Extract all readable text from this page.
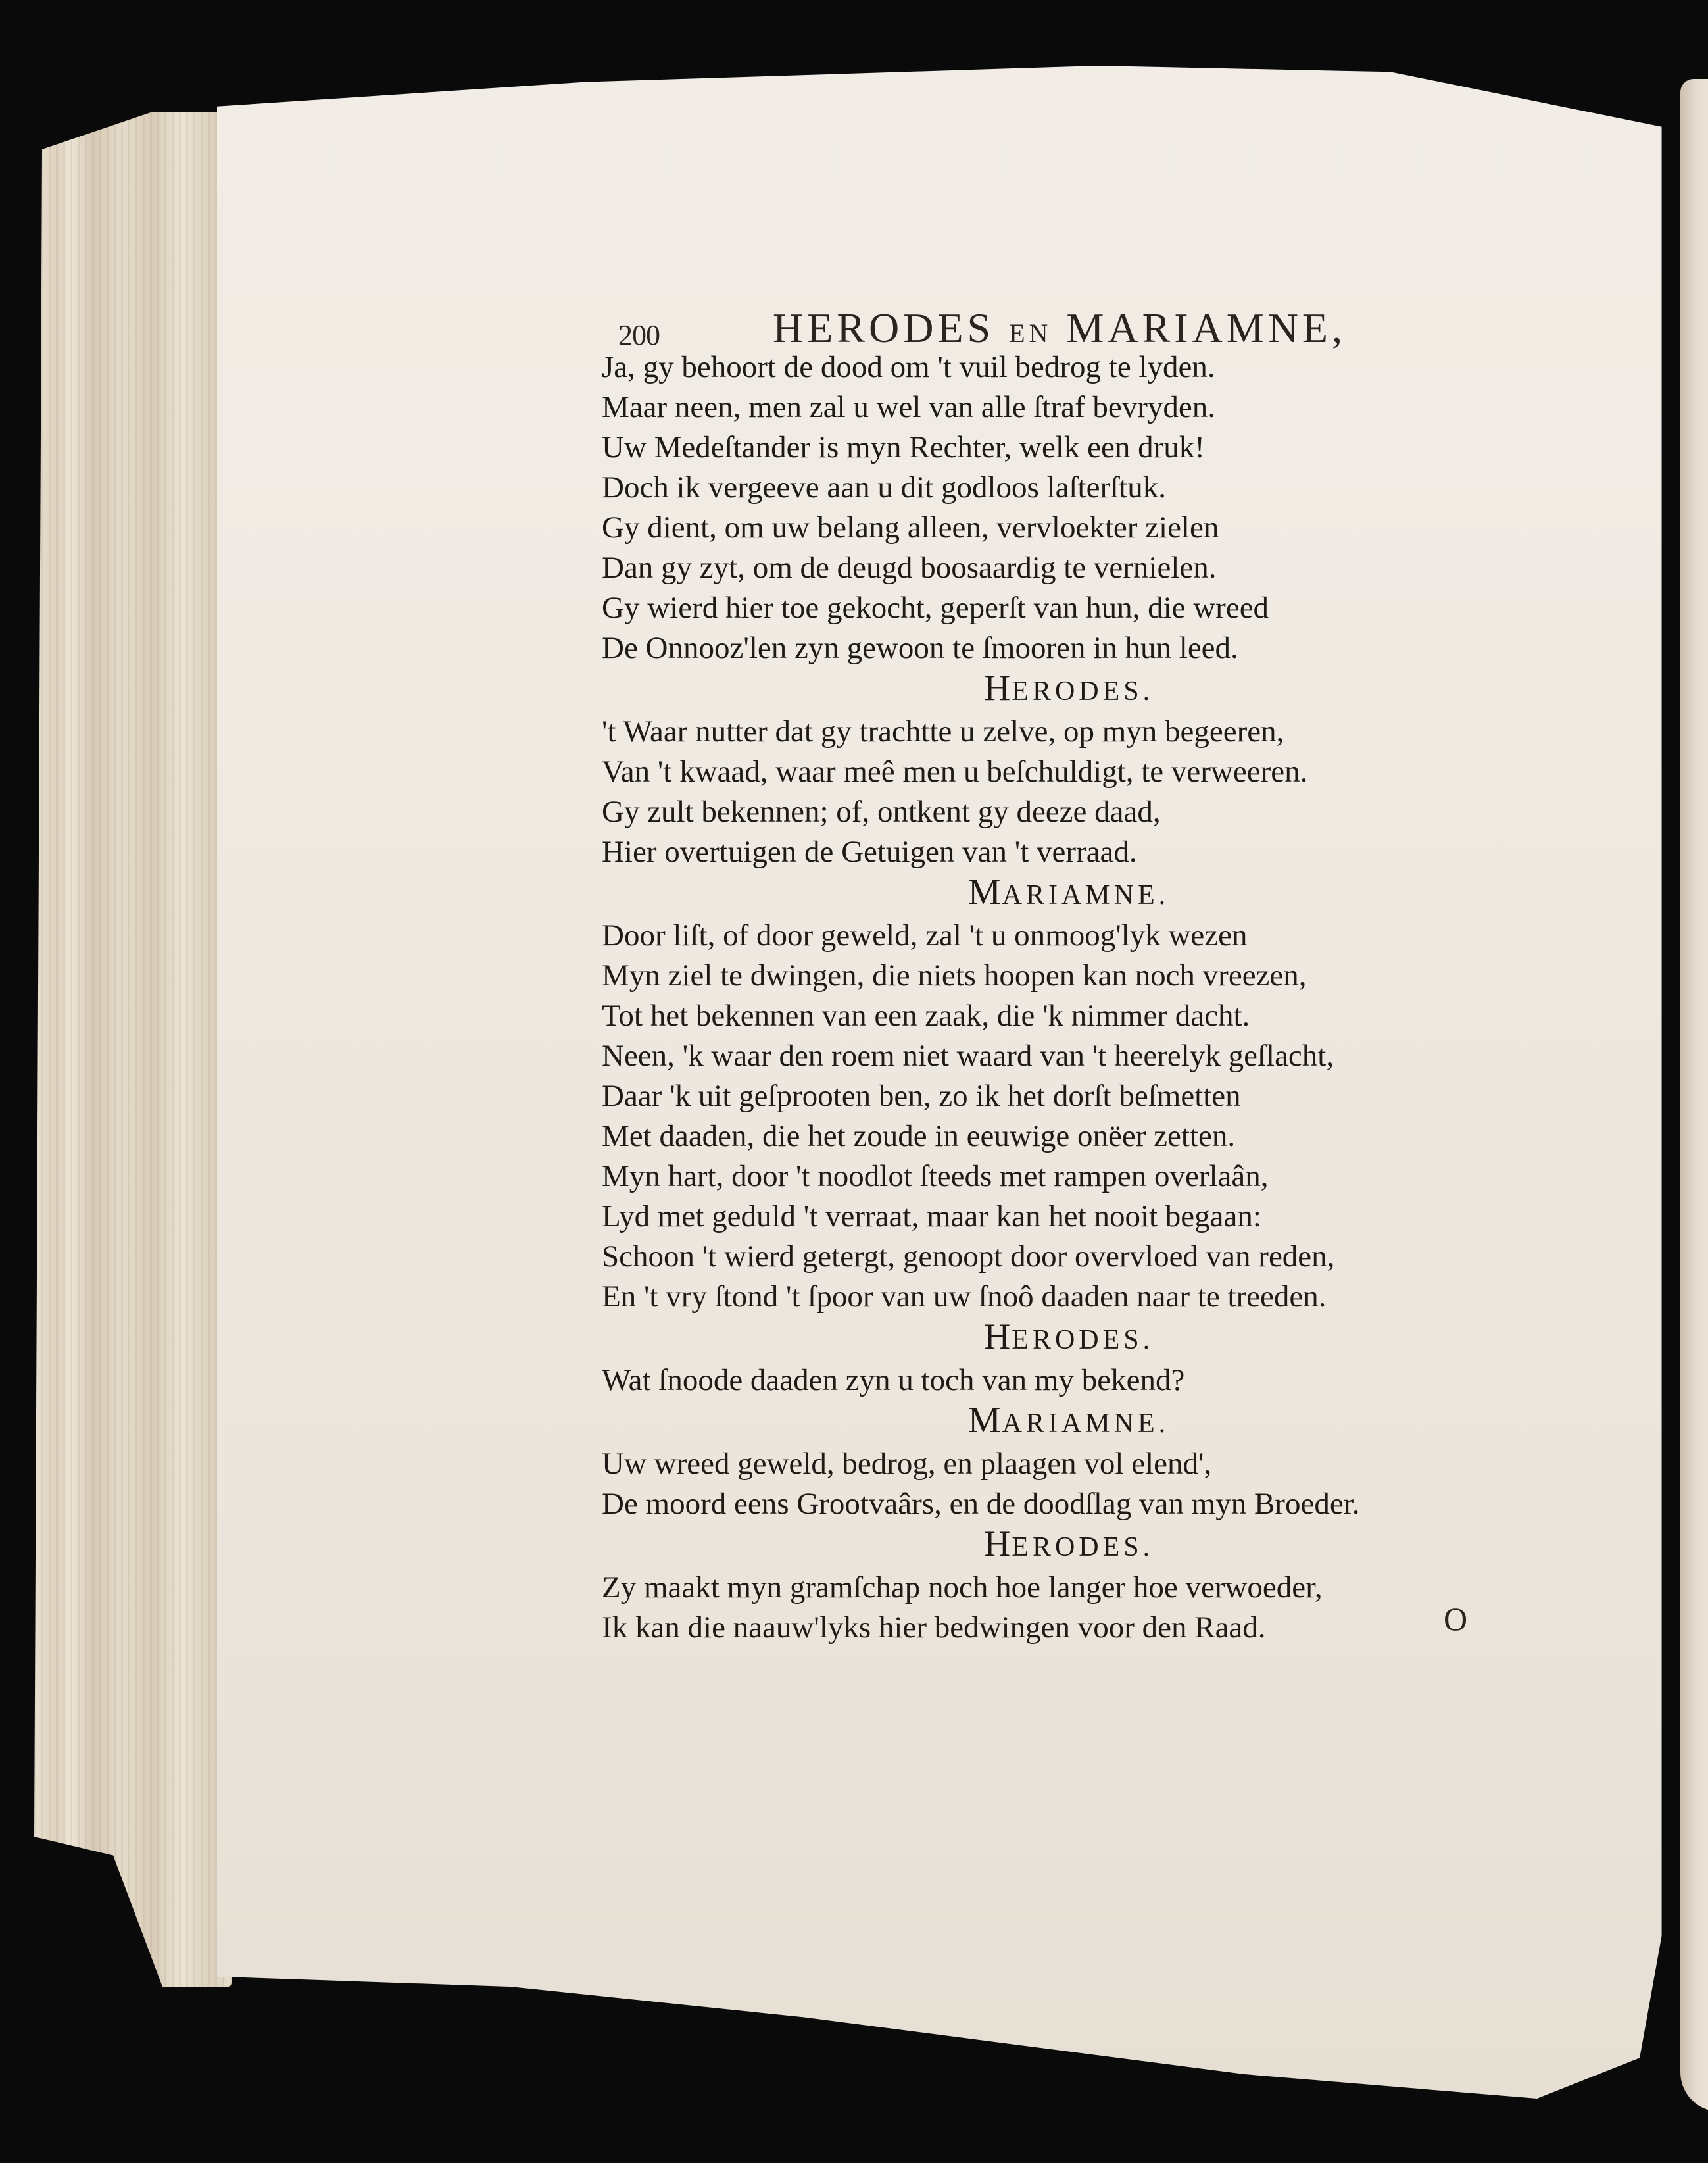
200	HERODES EN MARIAMNE,
Ja, gy behoort de dood om 't vuil bedrog te lyden.
Maar neen, men zal u wel van alle ſtraf bevryden.
Uw Medeſtander is myn Rechter, welk een druk!
Doch ik vergeeve aan u dit godloos laſterſtuk.
Gy dient, om uw belang alleen, vervloekter zielen
Dan gy zyt, om de deugd boosaardig te vernielen.
Gy wierd hier toe gekocht, geperſt van hun, die wreed
De Onnooz'len zyn gewoon te ſmooren in hun leed.
HERODES.
't Waar nutter dat gy trachtte u zelve, op myn begeeren,
Van 't kwaad, waar meê men u beſchuldigt, te verweeren.
Gy zult bekennen; of, ontkent gy deeze daad,
Hier overtuigen de Getuigen van 't verraad.
MARIAMNE.
Door liſt, of door geweld, zal 't u onmoog'lyk wezen
Myn ziel te dwingen, die niets hoopen kan noch vreezen,
Tot het bekennen van een zaak, die 'k nimmer dacht.
Neen, 'k waar den roem niet waard van 't heerelyk geſlacht,
Daar 'k uit geſprooten ben, zo ik het dorſt beſmetten
Met daaden, die het zoude in eeuwige onëer zetten.
Myn hart, door 't noodlot ſteeds met rampen overlaân,
Lyd met geduld 't verraat, maar kan het nooit begaan:
Schoon 't wierd getergt, genoopt door overvloed van reden,
En 't vry ſtond 't ſpoor van uw ſnoô daaden naar te treeden.
HERODES.
Wat ſnoode daaden zyn u toch van my bekend?
MARIAMNE.
Uw wreed geweld, bedrog, en plaagen vol elend',
De moord eens Grootvaârs, en de doodſlag van myn Broeder.
HERODES.
Zy maakt myn gramſchap noch hoe langer hoe verwoeder,
Ik kan die naauw'lyks hier bedwingen voor den Raad.	O
